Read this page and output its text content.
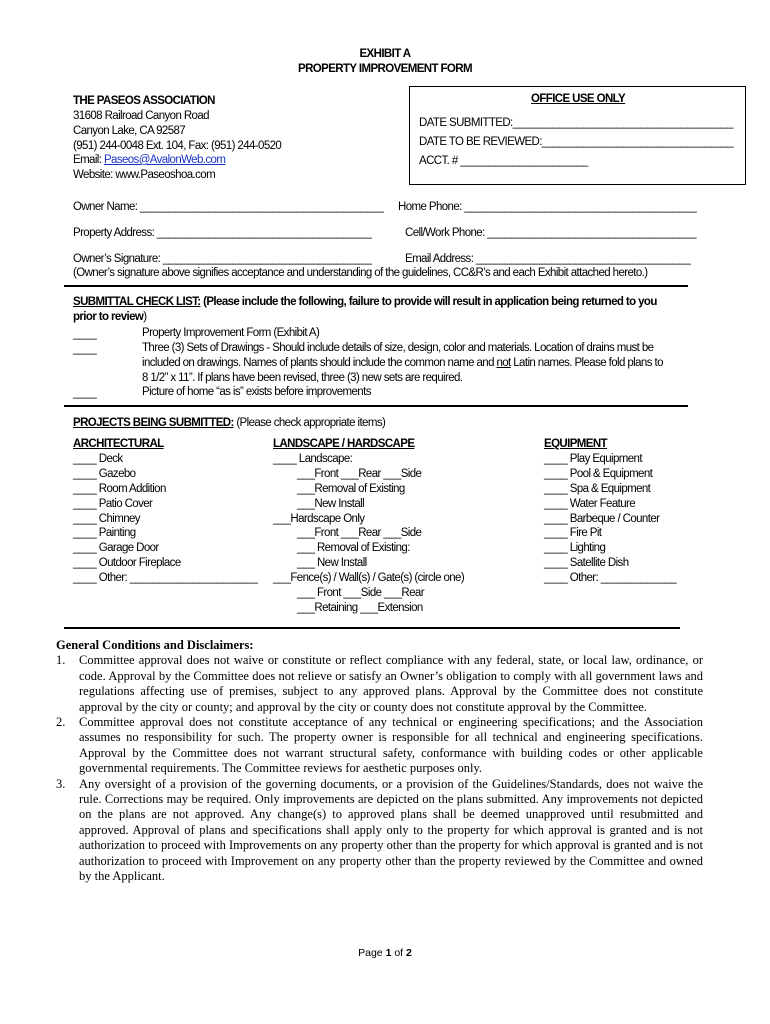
EXHIBIT A
PROPERTY IMPROVEMENT FORM
THE PASEOS ASSOCIATION
31608 Railroad Canyon Road
Canyon Lake, CA 92587
(951) 244-0048 Ext. 104, Fax: (951) 244-0520
Email: Paseos@AvalonWeb.com
Website: www.Paseoshoa.com
OFFICE USE ONLY
DATE SUBMITTED:______________________________________
DATE TO BE REVIEWED:_________________________________
ACCT. # ______________________
Owner Name: __________________________________________ Home Phone: ________________________________________
Property Address: _____________________________________	Cell/Work Phone: ____________________________________
Owner’s Signature: ____________________________________	Email Address: _____________________________________
(Owner’s signature above signifies acceptance and understanding of the guidelines, CC&R’s and each Exhibit attached hereto.)
SUBMITTAL CHECK LIST: (Please include the following, failure to provide will result in application being returned to you
prior to review)
____	Property Improvement Form (Exhibit A)
____	Three (3) Sets of Drawings - Should include details of size, design, color and materials. Location of drains must be
included on drawings. Names of plants should include the common name and not Latin names. Please fold plans to
8 1/2” x 11”. If plans have been revised, three (3) new sets are required.
____	Picture of home “as is” exists before improvements
PROJECTS BEING SUBMITTED: (Please check appropriate items)
ARCHITECTURAL
____ Deck
____ Gazebo
____ Room Addition
____ Patio Cover
____ Chimney
____ Painting
____ Garage Door
____ Outdoor Fireplace
____ Other: ______________________
LANDSCAPE / HARDSCAPE
____ Landscape:
___Front ___Rear ___Side
___Removal of Existing
___New Install
___Hardscape Only
___Front ___Rear ___Side
___ Removal of Existing:
___ New Install
___Fence(s) / Wall(s) / Gate(s) (circle one)
___ Front ___Side ___Rear
___Retaining ___Extension
EQUIPMENT
____ Play Equipment
____ Pool & Equipment
____ Spa & Equipment
____ Water Feature
____ Barbeque / Counter
____ Fire Pit
____ Lighting
____ Satellite Dish
____ Other: _____________
General Conditions and Disclaimers:
1. Committee approval does not waive or constitute or reflect compliance with any federal, state, or local law, ordinance, or code. Approval by the Committee does not relieve or satisfy an Owner’s obligation to comply with all government laws and regulations affecting use of premises, subject to any approved plans. Approval by the Committee does not constitute approval by the city or county; and approval by the city or county does not constitute approval by the Committee.
2. Committee approval does not constitute acceptance of any technical or engineering specifications; and the Association assumes no responsibility for such. The property owner is responsible for all technical and engineering specifications. Approval by the Committee does not warrant structural safety, conformance with building codes or other applicable governmental requirements. The Committee reviews for aesthetic purposes only.
3. Any oversight of a provision of the governing documents, or a provision of the Guidelines/Standards, does not waive the rule. Corrections may be required. Only improvements are depicted on the plans submitted. Any improvements not depicted on the plans are not approved. Any change(s) to approved plans shall be deemed unapproved until resubmitted and approved. Approval of plans and specifications shall apply only to the property for which approval is granted and is not authorization to proceed with Improvements on any property other than the property for which approval is granted and is not authorization to proceed with Improvement on any property other than the property reviewed by the Committee and owned by the Applicant.
Page 1 of 2
